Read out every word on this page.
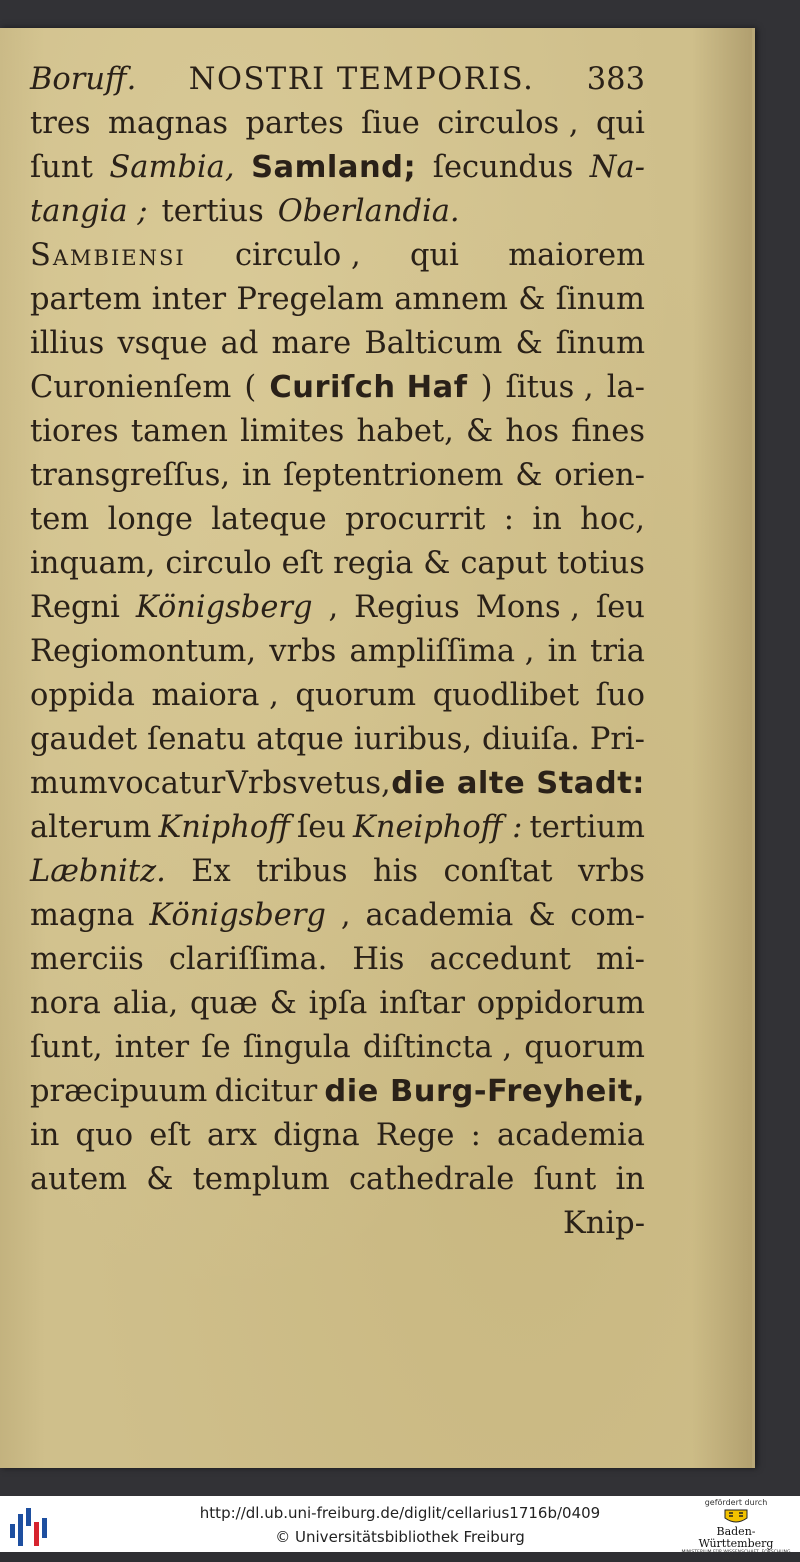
Boruff. NOSTRI TEMPORIS. 383
tres magnas partes ſiue circulos , qui
ſunt Sambia, Samland; ſecundus Na-
tangia ; tertius Oberlandia.
Sambiensi circulo , qui maiorem
partem inter Pregelam amnem & ſinum
illius vsque ad mare Balticum & ſinum
Curonienſem ( Curiſch Haf ) ſitus , la-
tiores tamen limites habet, & hos fines
transgreſſus, in ſeptentrionem & orien-
tem longe lateque procurrit : in hoc,
inquam, circulo eſt regia & caput totius
Regni Königsberg , Regius Mons , ſeu
Regiomontum, vrbs ampliſſima , in tria
oppida maiora , quorum quodlibet ſuo
gaudet ſenatu atque iuribus, diuiſa. Pri-
mum vocatur Vrbs vetus, die alte Stadt:
alterum Kniphoff ſeu Kneiphoff : tertium
Læbnitz. Ex tribus his conſtat vrbs
magna Königsberg , academia & com-
merciis clariſſima. His accedunt mi-
nora alia, quæ & ipſa inſtar oppidorum
ſunt, inter ſe ſingula diſtincta , quorum
præcipuum dicitur die Burg-Freyheit,
in quo eſt arx digna Rege : academia
autem & templum cathedrale ſunt in
Knip-
http://dl.ub.uni-freiburg.de/diglit/cellarius1716b/0409
© Universitätsbibliothek Freiburg
gefördert durch
Baden-Württemberg
MINISTERIUM FÜR WISSENSCHAFT, FORSCHUNG UND KUNST
